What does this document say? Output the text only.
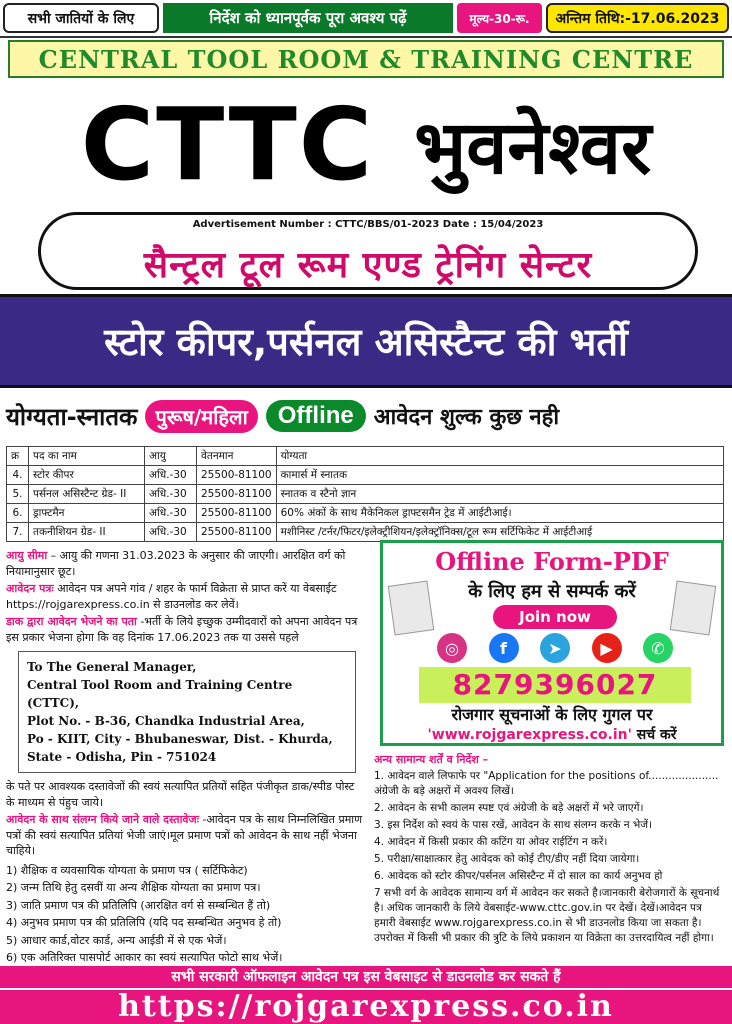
सभी जातियों के लिए	निर्देश को ध्यानपूर्वक पूरा अवश्य पढ़ें	मूल्य-30-रू.	अन्तिम तिथि:-17.06.2023
CENTRAL TOOL ROOM & TRAINING CENTRE
CTTC भुवनेश्वर
Advertisement Number : CTTC/BBS/01-2023 Date : 15/04/2023
सैन्ट्रल टूल रूम एण्ड ट्रेनिंग सेन्टर
स्टोर कीपर,पर्सनल असिस्टैन्ट की भर्ती
योग्यता-स्नातक पुरूष/महिला	Offline आवेदन शुल्क कुछ नही
क्र	पद का नाम	आयु	वेतनमान	योग्यता
4.	स्टोर कीपर	अधि.-30	25500-81100	कामार्स में स्नातक
5.	पर्सनल असिस्टैन्ट ग्रेड- II	अधि.-30	25500-81100	स्नातक व स्टैनो ज्ञान
6.	ड्राफ्टमैन	अधि.-30	25500-81100	60% अंकों के साथ मैकेनिकल ड्राफ्टसमैन ट्रेड में आईटीआई।
7.	तकनीशियन ग्रेड- II	अधि.-30	25500-81100	मशीनिस्ट /टर्नर/फिटर/इलेक्ट्रीशियन/इलेक्ट्रॉनिक्स/टूल रूम सर्टिफिकेट में आईटीआई

आयु सीमा – आयु की गणना 31.03.2023 के अनुसार की जाएगी। आरक्षित वर्ग को नियामानुसार छूट।

आवेदन पत्रः आवेदन पत्र अपने गांव / शहर के फार्म विक्रेता से प्राप्त करें या वेबसाईट https://rojgarexpress.co.in से डाउनलोड कर लेवें।

डाक द्वारा आवेदन भेजने का पता -भर्ती के लिये इच्छुक उम्मीदवारों को अपना आवेदन पत्र इस प्रकार भेजना होगा कि वह दिनांक 17.06.2023 तक या उससे पहले

To The General Manager,
Central Tool Room and Training Centre (CTTC),
Plot No. - B-36, Chandka Industrial Area,
Po - KIIT, City - Bhubaneswar, Dist. - Khurda,
State - Odisha, Pin - 751024

के पते पर आवश्यक दस्तावेजों की स्वयं सत्यापित प्रतियों सहित पंजीकृत डाक/स्पीड पोस्ट के माध्यम से पंहुच जाये।

आवेदन के साथ संलग्न किये जाने वाले दस्तावेजः -आवेदन पत्र के साथ निम्नलिखित प्रमाण पत्रों की स्वयं सत्यापित प्रतियां भेजी जाएं।मूल प्रमाण पत्रों को आवेदन के साथ नहीं भेजना चाहिये।

1) शैक्षिक व व्यवसायिक योग्यता के प्रमाण पत्र ( सर्टिफिकेट)
2) जन्म तिथि हेतु दसवीं या अन्य शैक्षिक योग्यता का प्रमाण पत्र।
3) जाति प्रमाण पत्र की प्रतिलिपि (आरक्षित वर्ग से सम्बन्धित हैं तो)
4) अनुभव प्रमाण पत्र की प्रतिलिपि (यदि पद सम्बन्धित अनुभव हे तो)
5) आधार कार्ड,वोटर कार्ड, अन्य आईडी में से एक भेजें।
6) एक अतिरिक्त पासपोर्ट आकार का स्वयं सत्यापित फोटो साथ भेजें।
Offline Form-PDF
के लिए हम से सम्पर्क करें
Join now
◎	f	➤	▶	✆
8279396027
रोजगार सूचनाओं के लिए गुगल पर
'www.rojgarexpress.co.in' सर्च करें
अन्य सामान्य शर्तें व निर्देश –
1. आवेदन वाले लिफाफे पर "Application for the positions of..................... अंग्रेजी के बड़े अक्षरों में अवश्य लिखें।
2. आवेदन के सभी कालम स्पष्ट एवं अंग्रेजी के बड़े अक्षरों में भरे जाएगें।
3. इस निर्देश को स्वयं के पास रखें, आवेदन के साथ संलग्न करके न भेजें।
4. आवेदन में किसी प्रकार की कटिंग या ओवर राईटिंग न करें।
5. परीक्षा/साक्षात्कार हेतु आवेदक को कोई टीए/डीए नहीं दिया जायेगा।
6. आवेदक को स्टोर कीपर/पर्सनल असिस्टैन्ट में दो साल का कार्य अनुभव हो
7 सभी वर्ग के आवेदक सामान्य वर्ग में आवेदन कर सकते है।जानकारी बेरोजगारों के सूचनार्थ है। अधिक जानकारी के लिये वेबसाईट-www.cttc.gov.in पर देखें। देखें।आवेदन पत्र हमारी वेबसाईट www.rojgarexpress.co.in से भी डाउनलोड किया जा सकता है।उपरोक्त में किसी भी प्रकार की त्रुटि के लिये प्रकाशन या विक्रेता का उत्तरदायित्व नहीं होगा।
सभी सरकारी ऑफलाइन आवेदन पत्र इस वेबसाइट से डाउनलोड कर सकते हैं
https://rojgarexpress.co.in
